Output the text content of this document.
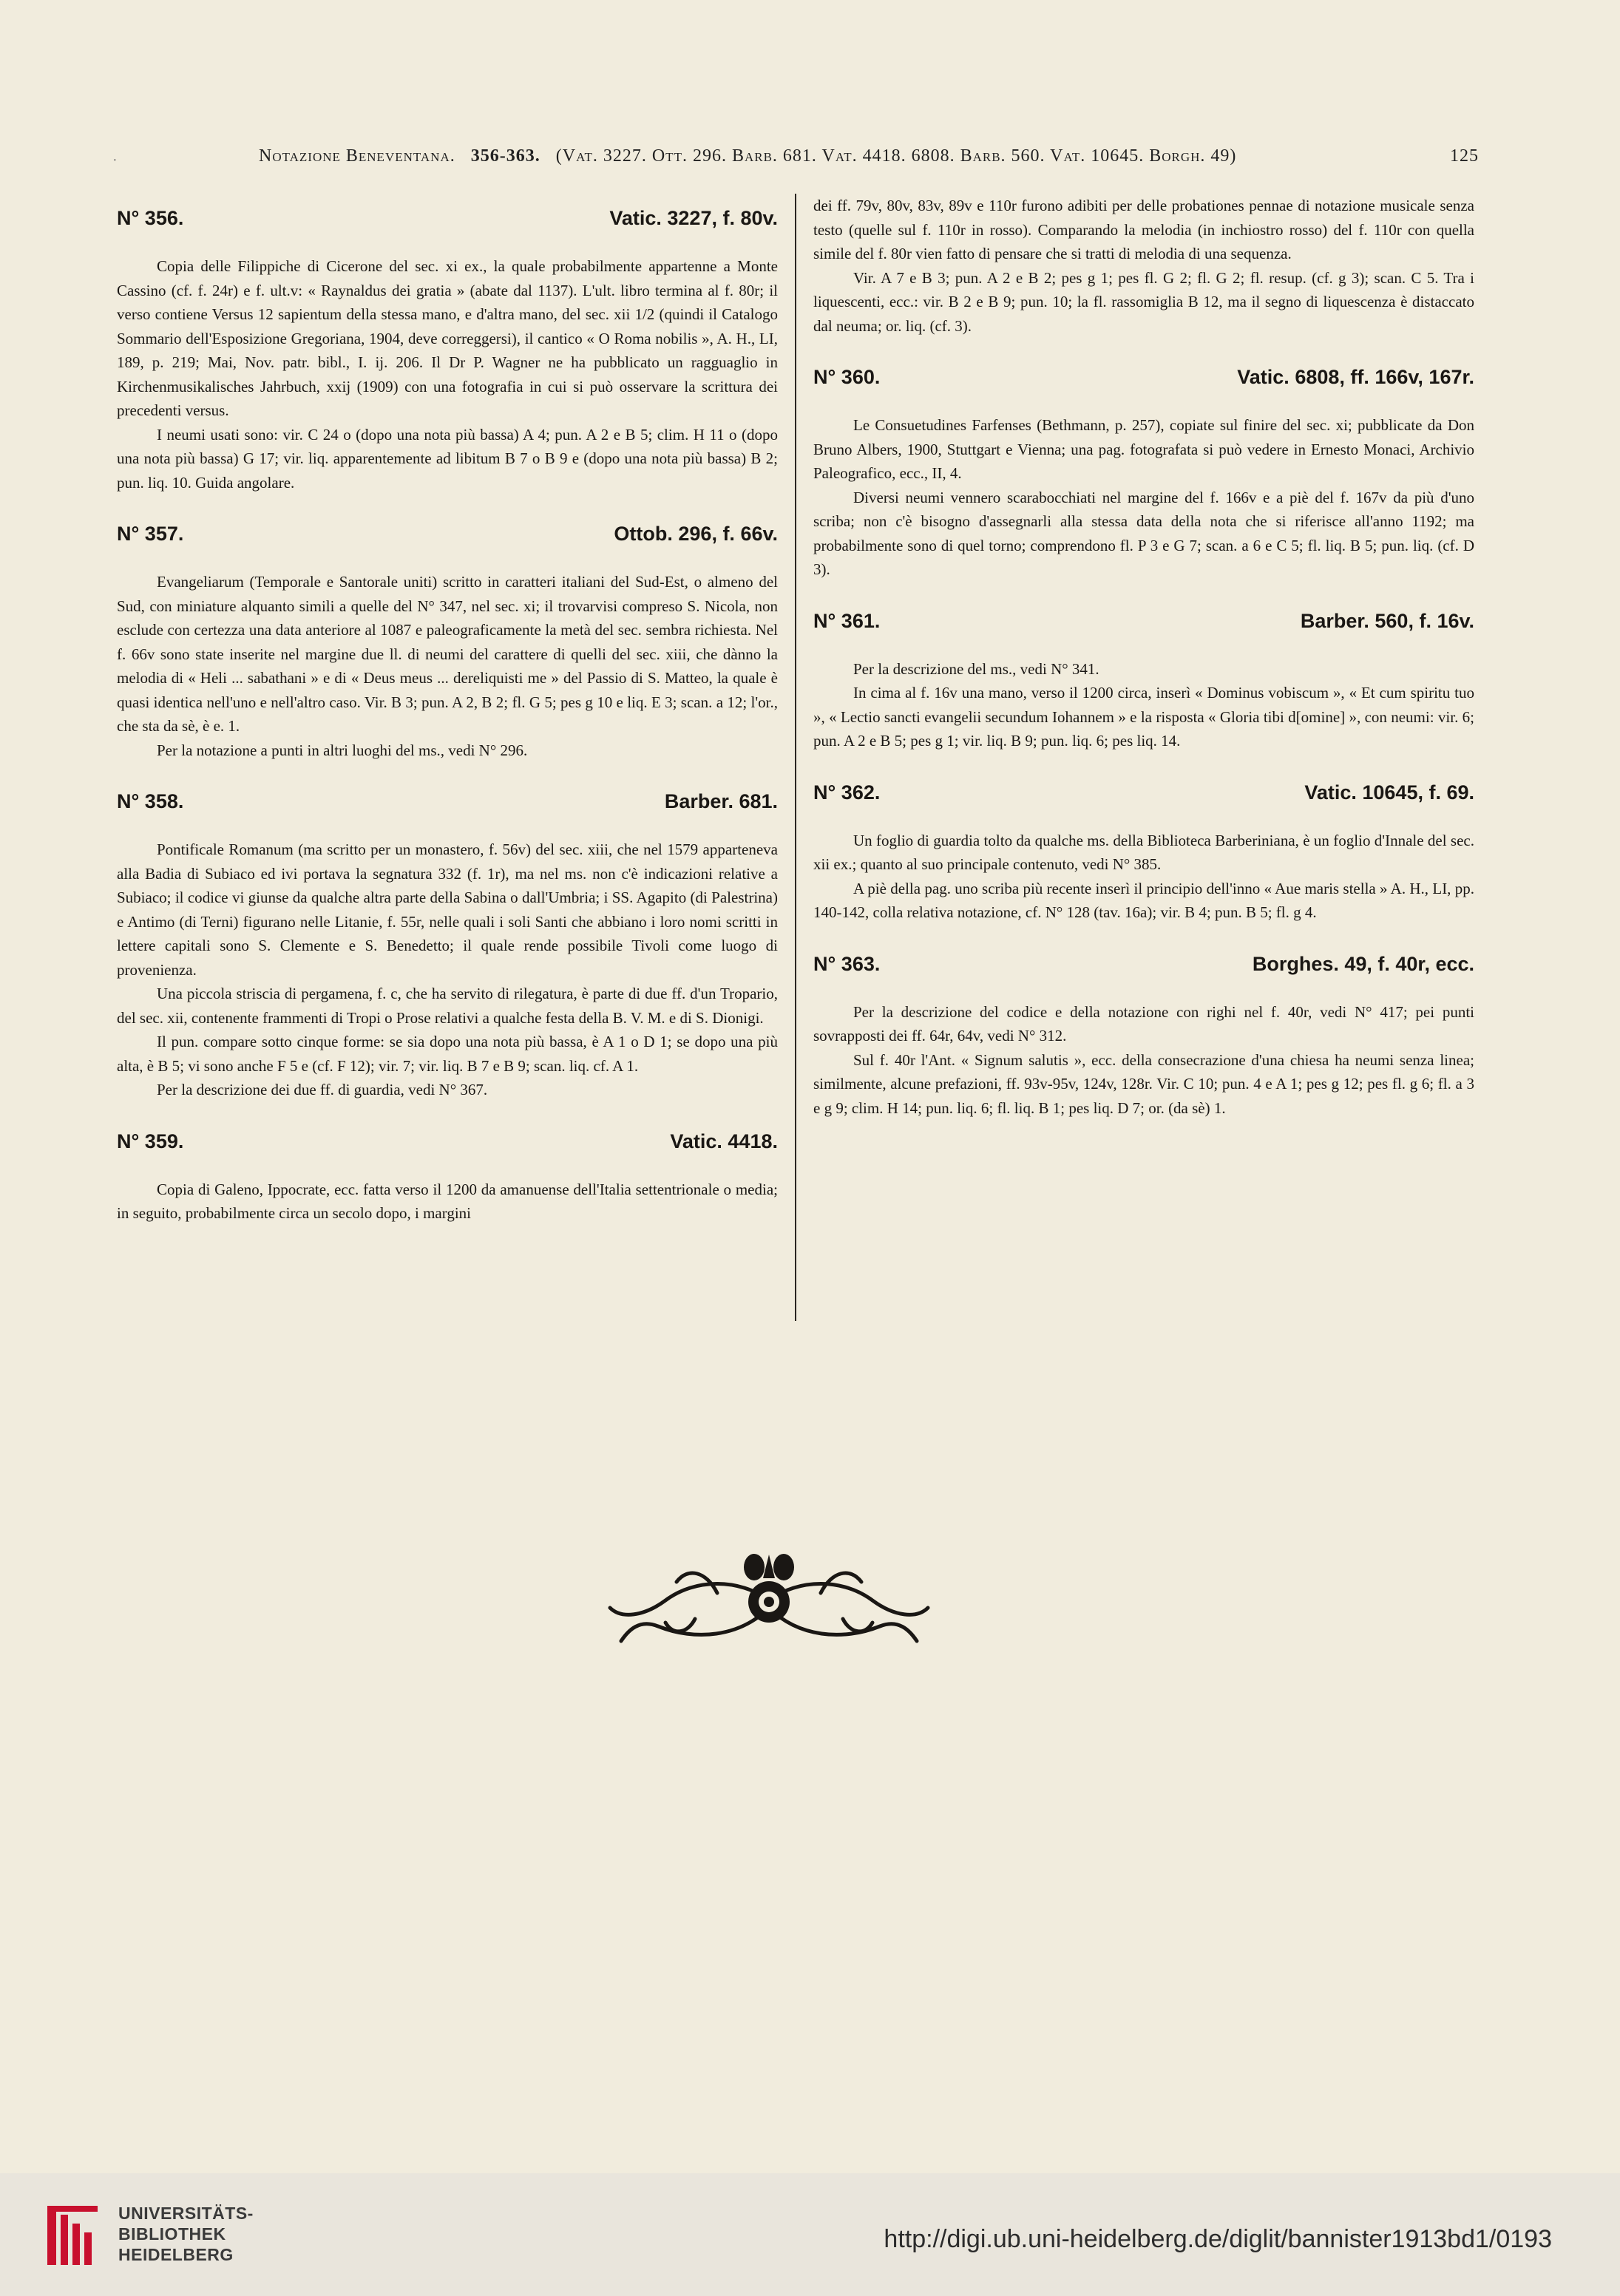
·	Notazione Beneventana. 356-363. (Vat. 3227. Ott. 296. Barb. 681. Vat. 4418. 6808. Barb. 560. Vat. 10645. Borgh. 49)	125
N° 356.	Vatic. 3227, f. 80v.

Copia delle Filippiche di Cicerone del sec. xi ex., la quale probabilmente appartenne a Monte Cassino (cf. f. 24r) e f. ult.v: « Raynaldus dei gratia » (abate dal 1137). L'ult. libro termina al f. 80r; il verso contiene Versus 12 sapientum della stessa mano, e d'altra mano, del sec. xii 1/2 (quindi il Catalogo Sommario dell'Esposizione Gregoriana, 1904, deve correggersi), il cantico « O Roma nobilis », A. H., LI, 189, p. 219; Mai, Nov. patr. bibl., I. ij. 206. Il Dr P. Wagner ne ha pubblicato un ragguaglio in Kirchenmusikalisches Jahrbuch, xxij (1909) con una fotografia in cui si può osservare la scrittura dei precedenti versus.

I neumi usati sono: vir. C 24 o (dopo una nota più bassa) A 4; pun. A 2 e B 5; clim. H 11 o (dopo una nota più bassa) G 17; vir. liq. apparentemente ad libitum B 7 o B 9 e (dopo una nota più bassa) B 2; pun. liq. 10. Guida angolare.

N° 357.	Ottob. 296, f. 66v.

Evangeliarum (Temporale e Santorale uniti) scritto in caratteri italiani del Sud-Est, o almeno del Sud, con miniature alquanto simili a quelle del N° 347, nel sec. xi; il trovarvisi compreso S. Nicola, non esclude con certezza una data anteriore al 1087 e paleograficamente la metà del sec. sembra richiesta. Nel f. 66v sono state inserite nel margine due ll. di neumi del carattere di quelli del sec. xiii, che dànno la melodia di « Heli ... sabathani » e di « Deus meus ... dereliquisti me » del Passio di S. Matteo, la quale è quasi identica nell'uno e nell'altro caso. Vir. B 3; pun. A 2, B 2; fl. G 5; pes g 10 e liq. E 3; scan. a 12; l'or., che sta da sè, è e. 1.

Per la notazione a punti in altri luoghi del ms., vedi N° 296.

N° 358.	Barber. 681.

Pontificale Romanum (ma scritto per un monastero, f. 56v) del sec. xiii, che nel 1579 apparteneva alla Badia di Subiaco ed ivi portava la segnatura 332 (f. 1r), ma nel ms. non c'è indicazioni relative a Subiaco; il codice vi giunse da qualche altra parte della Sabina o dall'Umbria; i SS. Agapito (di Palestrina) e Antimo (di Terni) figurano nelle Litanie, f. 55r, nelle quali i soli Santi che abbiano i loro nomi scritti in lettere capitali sono S. Clemente e S. Benedetto; il quale rende possibile Tivoli come luogo di provenienza.

Una piccola striscia di pergamena, f. c, che ha servito di rilegatura, è parte di due ff. d'un Tropario, del sec. xii, contenente frammenti di Tropi o Prose relativi a qualche festa della B. V. M. e di S. Dionigi.

Il pun. compare sotto cinque forme: se sia dopo una nota più bassa, è A 1 o D 1; se dopo una più alta, è B 5; vi sono anche F 5 e (cf. F 12); vir. 7; vir. liq. B 7 e B 9; scan. liq. cf. A 1.

Per la descrizione dei due ff. di guardia, vedi N° 367.

N° 359.	Vatic. 4418.

Copia di Galeno, Ippocrate, ecc. fatta verso il 1200 da amanuense dell'Italia settentrionale o media; in seguito, probabilmente circa un secolo dopo, i margini

dei ff. 79v, 80v, 83v, 89v e 110r furono adibiti per delle probationes pennae di notazione musicale senza testo (quelle sul f. 110r in rosso). Comparando la melodia (in inchiostro rosso) del f. 110r con quella simile del f. 80r vien fatto di pensare che si tratti di melodia di una sequenza.

Vir. A 7 e B 3; pun. A 2 e B 2; pes g 1; pes fl. G 2; fl. G 2; fl. resup. (cf. g 3); scan. C 5. Tra i liquescenti, ecc.: vir. B 2 e B 9; pun. 10; la fl. rassomiglia B 12, ma il segno di liquescenza è distaccato dal neuma; or. liq. (cf. 3).

N° 360.	Vatic. 6808, ff. 166v, 167r.

Le Consuetudines Farfenses (Bethmann, p. 257), copiate sul finire del sec. xi; pubblicate da Don Bruno Albers, 1900, Stuttgart e Vienna; una pag. fotografata si può vedere in Ernesto Monaci, Archivio Paleografico, ecc., II, 4.

Diversi neumi vennero scarabocchiati nel margine del f. 166v e a piè del f. 167v da più d'uno scriba; non c'è bisogno d'assegnarli alla stessa data della nota che si riferisce all'anno 1192; ma probabilmente sono di quel torno; comprendono fl. P 3 e G 7; scan. a 6 e C 5; fl. liq. B 5; pun. liq. (cf. D 3).

N° 361.	Barber. 560, f. 16v.

Per la descrizione del ms., vedi N° 341.

In cima al f. 16v una mano, verso il 1200 circa, inserì « Dominus vobiscum », « Et cum spiritu tuo », « Lectio sancti evangelii secundum Iohannem » e la risposta « Gloria tibi d[omine] », con neumi: vir. 6; pun. A 2 e B 5; pes g 1; vir. liq. B 9; pun. liq. 6; pes liq. 14.

N° 362.	Vatic. 10645, f. 69.

Un foglio di guardia tolto da qualche ms. della Biblioteca Barberiniana, è un foglio d'Innale del sec. xii ex.; quanto al suo principale contenuto, vedi N° 385.

A piè della pag. uno scriba più recente inserì il principio dell'inno « Aue maris stella » A. H., LI, pp. 140-142, colla relativa notazione, cf. N° 128 (tav. 16a); vir. B 4; pun. B 5; fl. g 4.

N° 363.	Borghes. 49, f. 40r, ecc.

Per la descrizione del codice e della notazione con righi nel f. 40r, vedi N° 417; pei punti sovrapposti dei ff. 64r, 64v, vedi N° 312.

Sul f. 40r l'Ant. « Signum salutis », ecc. della consecrazione d'una chiesa ha neumi senza linea; similmente, alcune prefazioni, ff. 93v-95v, 124v, 128r. Vir. C 10; pun. 4 e A 1; pes g 12; pes fl. g 6; fl. a 3 e g 9; clim. H 14; pun. liq. 6; fl. liq. B 1; pes liq. D 7; or. (da sè) 1.

UNIVERSITÄTS-
BIBLIOTHEK
HEIDELBERG
http://digi.ub.uni-heidelberg.de/diglit/bannister1913bd1/0193
